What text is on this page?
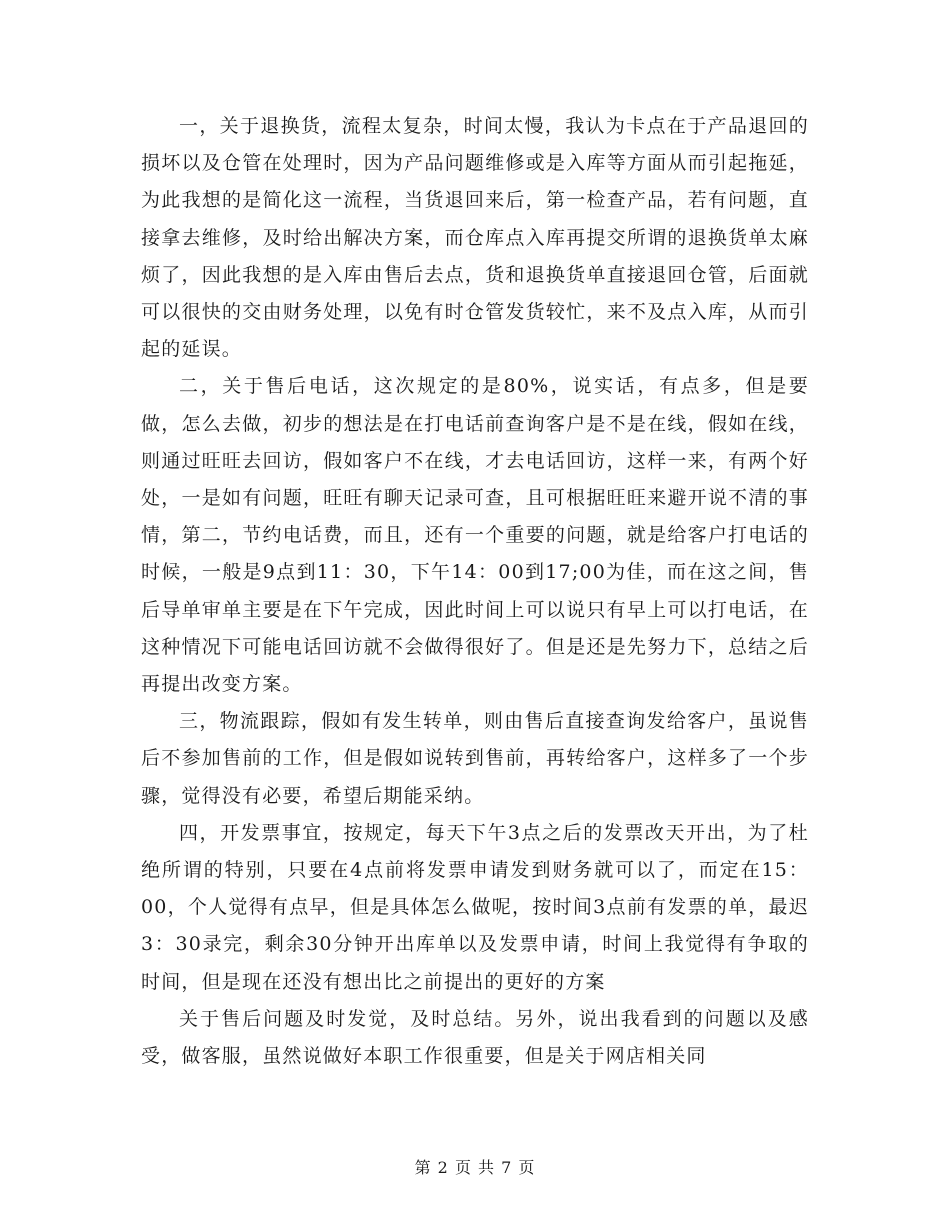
一，关于退换货，流程太复杂，时间太慢，我认为卡点在于产品退回的损坏以及仓管在处理时，因为产品问题维修或是入库等方面从而引起拖延，为此我想的是简化这一流程，当货退回来后，第一检查产品，若有问题，直接拿去维修，及时给出解决方案，而仓库点入库再提交所谓的退换货单太麻烦了，因此我想的是入库由售后去点，货和退换货单直接退回仓管，后面就可以很快的交由财务处理，以免有时仓管发货较忙，来不及点入库，从而引起的延误。

二，关于售后电话，这次规定的是80%，说实话，有点多，但是要做，怎么去做，初步的想法是在打电话前查询客户是不是在线，假如在线，则通过旺旺去回访，假如客户不在线，才去电话回访，这样一来，有两个好处，一是如有问题，旺旺有聊天记录可查，且可根据旺旺来避开说不清的事情，第二，节约电话费，而且，还有一个重要的问题，就是给客户打电话的时候，一般是9点到11：30，下午14：00到17;00为佳，而在这之间，售后导单审单主要是在下午完成，因此时间上可以说只有早上可以打电话，在这种情况下可能电话回访就不会做得很好了。但是还是先努力下，总结之后再提出改变方案。

三，物流跟踪，假如有发生转单，则由售后直接查询发给客户，虽说售后不参加售前的工作，但是假如说转到售前，再转给客户，这样多了一个步骤，觉得没有必要，希望后期能采纳。

四，开发票事宜，按规定，每天下午3点之后的发票改天开出，为了杜绝所谓的特别，只要在4点前将发票申请发到财务就可以了，而定在15：00，个人觉得有点早，但是具体怎么做呢，按时间3点前有发票的单，最迟3：30录完，剩余30分钟开出库单以及发票申请，时间上我觉得有争取的时间，但是现在还没有想出比之前提出的更好的方案

关于售后问题及时发觉，及时总结。另外，说出我看到的问题以及感受，做客服，虽然说做好本职工作很重要，但是关于网店相关同

第 2 页 共 7 页
